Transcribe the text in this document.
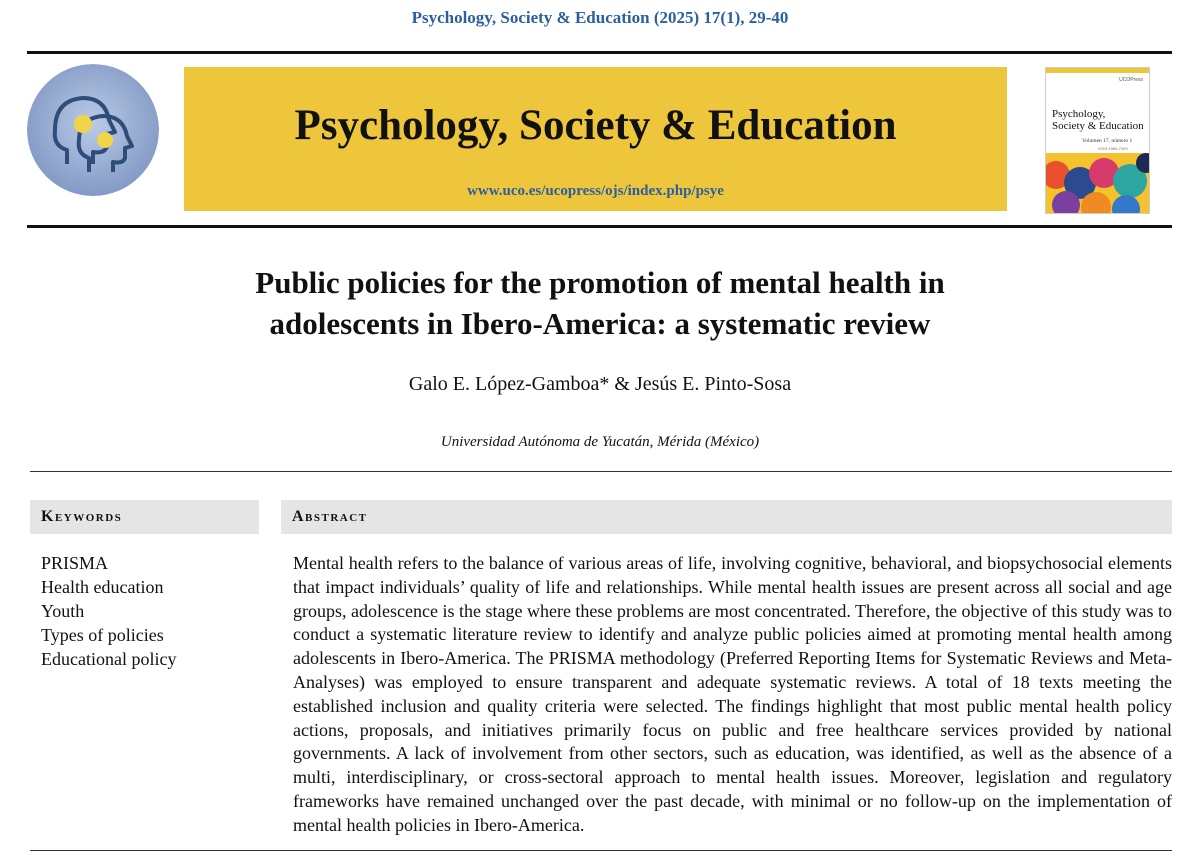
Psychology, Society & Education (2025) 17(1), 29-40
Psychology, Society & Education
www.uco.es/ucopress/ojs/index.php/psye
UCOPress
Psychology,
Society & Education
Volumen 17, número 1
ISSN 1989-709X
Public policies for the promotion of mental health in
adolescents in Ibero-America: a systematic review
Galo E. López-Gamboa* & Jesús E. Pinto-Sosa
Universidad Autónoma de Yucatán, Mérida (México)
Keywords
PRISMA
Health education
Youth
Types of policies
Educational policy
Abstract

Mental health refers to the balance of various areas of life, involving cognitive, behavioral, and biopsychosocial elements that impact individuals’ quality of life and relationships. While mental health issues are present across all social and age groups, adolescence is the stage where these problems are most concentrated. Therefore, the objective of this study was to conduct a systematic literature review to identify and analyze public policies aimed at promoting mental health among adolescents in Ibero-America. The PRISMA methodology (Preferred Reporting Items for Systematic Reviews and Meta-Analyses) was employed to ensure transparent and adequate systematic reviews. A total of 18 texts meeting the established inclusion and quality criteria were selected. The findings highlight that most public mental health policy actions, proposals, and initiatives primarily focus on public and free healthcare services provided by national governments. A lack of involvement from other sectors, such as education, was identified, as well as the absence of a multi, interdisciplinary, or cross-sectoral approach to mental health issues. Moreover, legislation and regulatory frameworks have remained unchanged over the past decade, with minimal or no follow-up on the implementation of mental health policies in Ibero-America.
